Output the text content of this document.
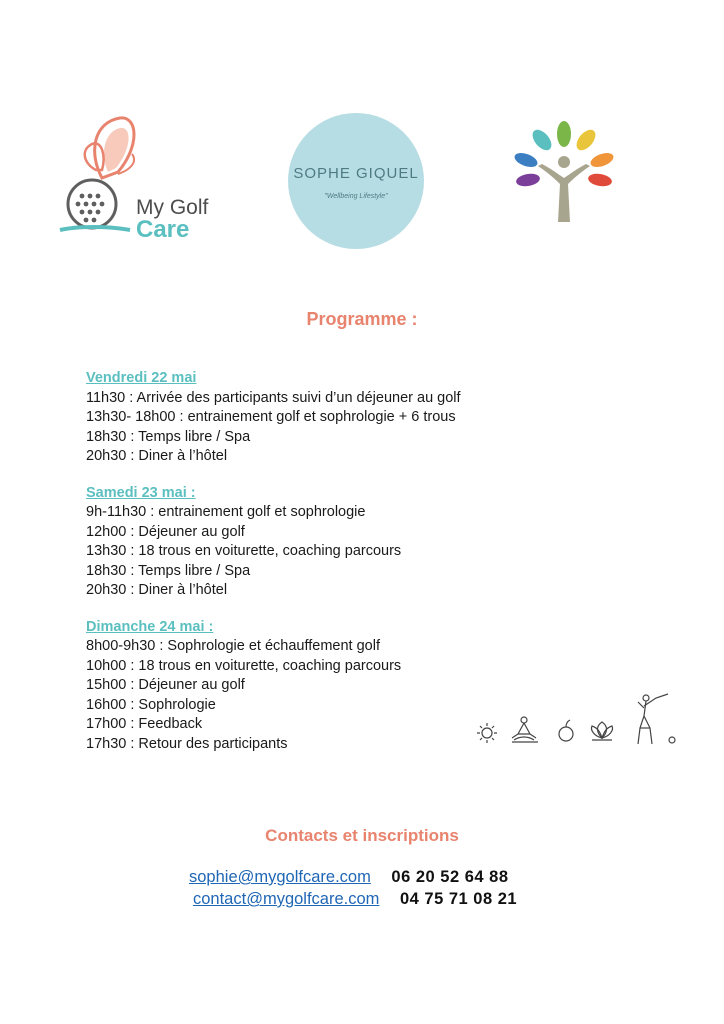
My Golf
Care
SOPHE GIQUEL
"Wellbeing Lifestyle"
Programme :
Vendredi 22 mai
11h30 : Arrivée des participants suivi d’un déjeuner au golf
13h30- 18h00 : entrainement golf et sophrologie + 6 trous
18h30 : Temps libre / Spa
20h30 : Diner à l’hôtel
Samedi 23 mai :
9h-11h30 : entrainement golf et sophrologie
12h00 : Déjeuner au golf
13h30 : 18 trous en voiturette, coaching parcours
18h30 : Temps libre / Spa
20h30 : Diner à l’hôtel
Dimanche 24 mai :
8h00-9h30 : Sophrologie et échauffement golf
10h00 : 18 trous en voiturette, coaching parcours
15h00 : Déjeuner au golf
16h00 : Sophrologie
17h00 : Feedback
17h30 : Retour des participants
Contacts et inscriptions
sophie@mygolfcare.com 06 20 52 64 88
contact@mygolfcare.com 04 75 71 08 21
